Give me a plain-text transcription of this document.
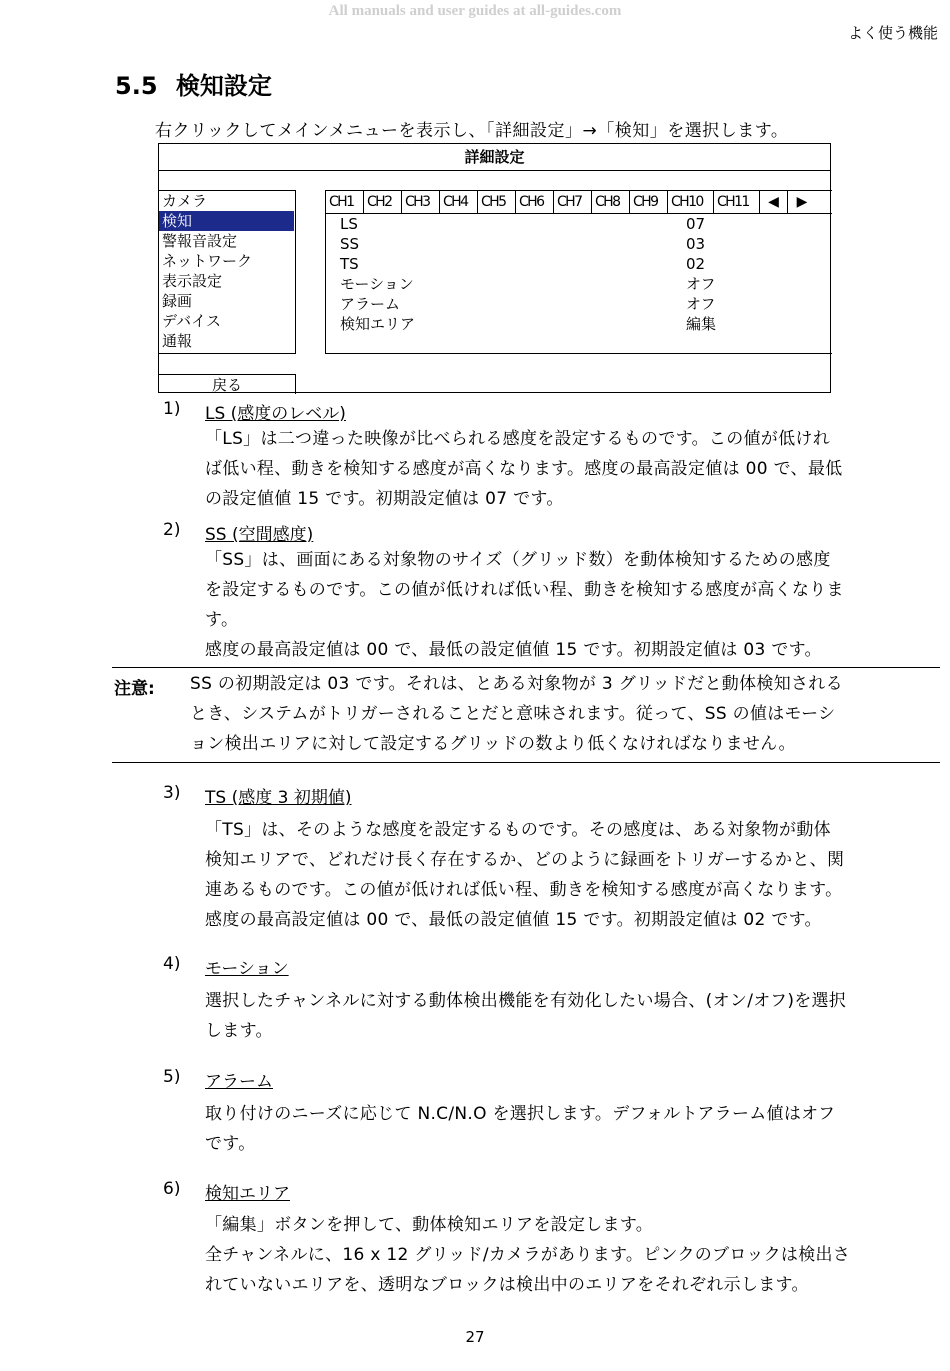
All manuals and user guides at all-guides.com
よく使う機能
5.5 検知設定
右クリックしてメインメニューを表示し、「詳細設定」→「検知」を選択します。
詳細設定
カメラ
検知
警報音設定
ネットワーク
表示設定
録画
デバイス
通報
戻る
CH1 CH2 CH3 CH4 CH5 CH6 CH7 CH8 CH9 CH10	CH11	◀	▶
LS	07
SS	03
TS	02
モーション	オフ
アラーム	オフ
検知エリア	編集
1) LS (感度のレベル)

「LS」は二つ違った映像が比べられる感度を設定するものです。この値が低けれ

ば低い程、動きを検知する感度が高くなります。感度の最高設定値は 00 で、最低

の設定値値 15 です。初期設定値は 07 です。

2) SS (空間感度)

「SS」は、画面にある対象物のサイズ（グリッド数）を動体検知するための感度

を設定するものです。この値が低ければ低い程、動きを検知する感度が高くなりま

す。

感度の最高設定値は 00 で、最低の設定値値 15 です。初期設定値は 03 です。

注意: SS の初期設定は 03 です。それは、とある対象物が 3 グリッドだと動体検知される
とき、システムがトリガーされることだと意味されます。従って、SS の値はモーシ
ョン検出エリアに対して設定するグリッドの数より低くなければなりません。
3) TS (感度 3 初期値)

「TS」は、そのような感度を設定するものです。その感度は、ある対象物が動体

検知エリアで、どれだけ長く存在するか、どのように録画をトリガーするかと、関

連あるものです。この値が低ければ低い程、動きを検知する感度が高くなります。

感度の最高設定値は 00 で、最低の設定値値 15 です。初期設定値は 02 です。

4) モーション

選択したチャンネルに対する動体検出機能を有効化したい場合、(オン/オフ)を選択

します。

5) アラーム

取り付けのニーズに応じて N.C/N.O を選択します。デフォルトアラーム値はオフ

です。

6) 検知エリア

「編集」ボタンを押して、動体検知エリアを設定します。

全チャンネルに、16 x 12 グリッド/カメラがあります。ピンクのブロックは検出さ

れていないエリアを、透明なブロックは検出中のエリアをそれぞれ示します。

27
